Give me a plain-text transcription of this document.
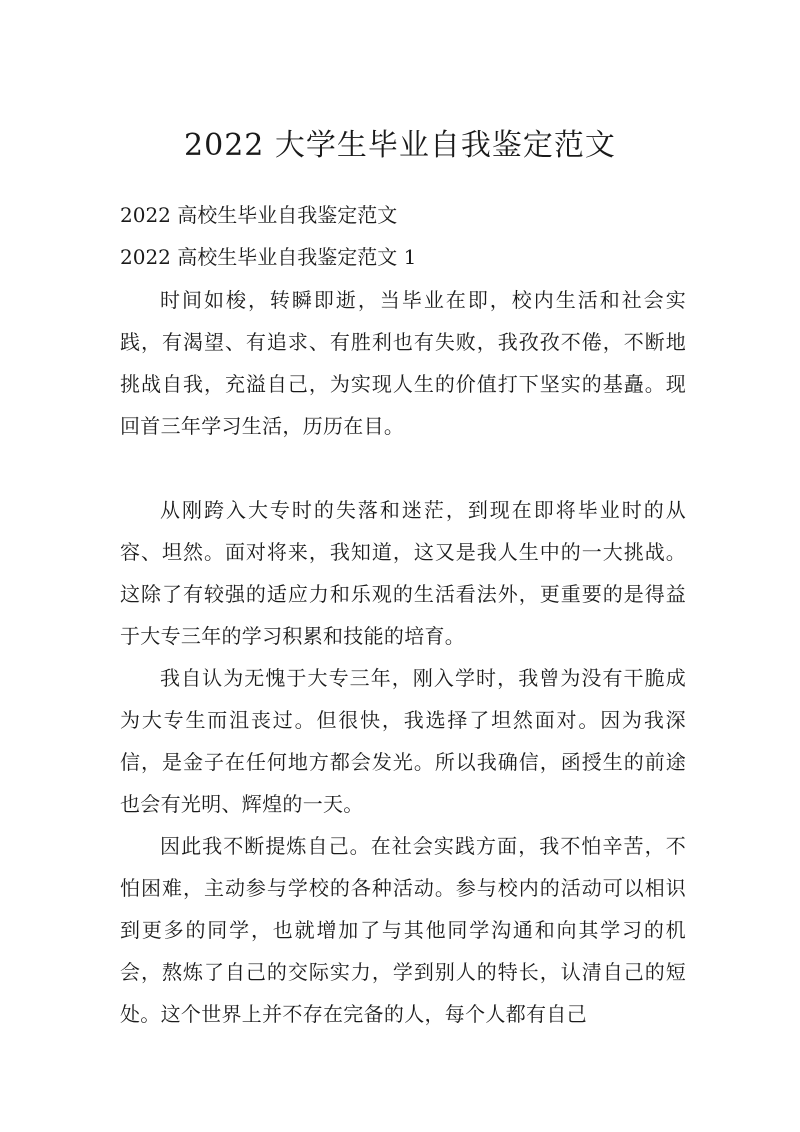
2022 大学生毕业自我鉴定范文
2022 高校生毕业自我鉴定范文
2022 高校生毕业自我鉴定范文 1
时间如梭，转瞬即逝，当毕业在即，校内生活和社会实践，有渴望、有追求、有胜利也有失败，我孜孜不倦，不断地挑战自我，充溢自己，为实现人生的价值打下坚实的基矗。现回首三年学习生活，历历在目。
从刚跨入大专时的失落和迷茫，到现在即将毕业时的从容、坦然。面对将来，我知道，这又是我人生中的一大挑战。这除了有较强的适应力和乐观的生活看法外，更重要的是得益于大专三年的学习积累和技能的培育。
我自认为无愧于大专三年，刚入学时，我曾为没有干脆成为大专生而沮丧过。但很快，我选择了坦然面对。因为我深信，是金子在任何地方都会发光。所以我确信，函授生的前途也会有光明、辉煌的一天。
因此我不断提炼自己。在社会实践方面，我不怕辛苦，不怕困难，主动参与学校的各种活动。参与校内的活动可以相识到更多的同学，也就增加了与其他同学沟通和向其学习的机会，熬炼了自己的交际实力，学到别人的特长，认清自己的短处。这个世界上并不存在完备的人，每个人都有自己
